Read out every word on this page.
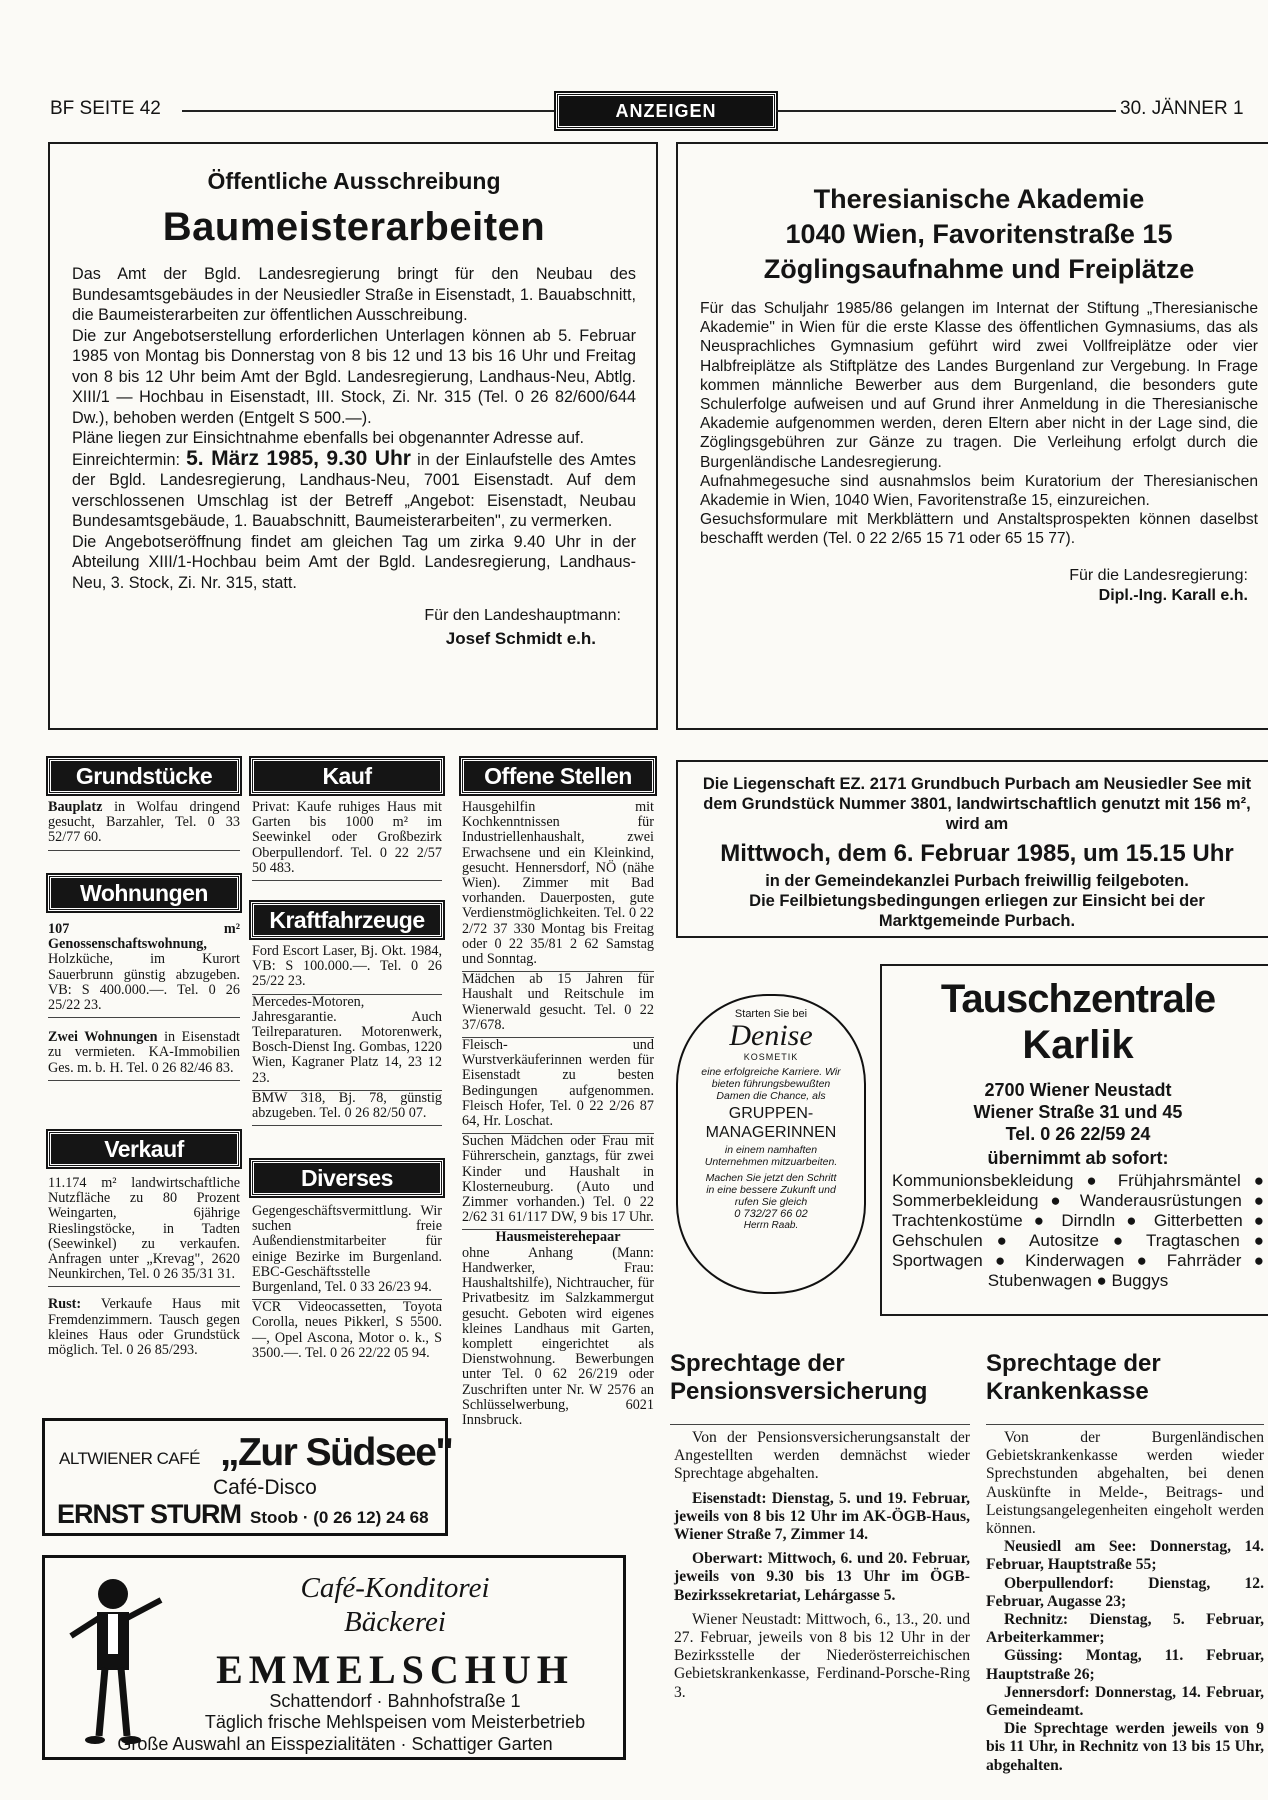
BF SEITE 42	ANZEIGEN	30. JÄNNER 1
Öffentliche Ausschreibung
Baumeisterarbeiten

Das Amt der Bgld. Landesregierung bringt für den Neubau des Bundesamtsgebäudes in der Neusiedler Straße in Eisenstadt, 1. Bauabschnitt, die Baumeisterarbeiten zur öffentlichen Ausschreibung.

Die zur Angebotserstellung erforderlichen Unterlagen können ab 5. Februar 1985 von Montag bis Donnerstag von 8 bis 12 und 13 bis 16 Uhr und Freitag von 8 bis 12 Uhr beim Amt der Bgld. Landesregierung, Landhaus-Neu, Abtlg. XIII/1 — Hochbau in Eisenstadt, III. Stock, Zi. Nr. 315 (Tel. 0 26 82/600/644 Dw.), behoben werden (Entgelt S 500.—).

Pläne liegen zur Einsichtnahme ebenfalls bei obgenannter Adresse auf.

Einreichtermin: 5. März 1985, 9.30 Uhr in der Einlaufstelle des Amtes der Bgld. Landesregierung, Landhaus-Neu, 7001 Eisenstadt. Auf dem verschlossenen Umschlag ist der Betreff „Angebot: Eisenstadt, Neubau Bundesamtsgebäude, 1. Bauabschnitt, Baumeisterarbeiten", zu vermerken.

Die Angebotseröffnung findet am gleichen Tag um zirka 9.40 Uhr in der Abteilung XIII/1-Hochbau beim Amt der Bgld. Landesregierung, Landhaus-Neu, 3. Stock, Zi. Nr. 315, statt.

Für den Landeshauptmann:
Josef Schmidt e.h.
Theresianische Akademie
1040 Wien, Favoritenstraße 15
Zöglingsaufnahme und Freiplätze

Für das Schuljahr 1985/86 gelangen im Internat der Stiftung „Theresianische Akademie" in Wien für die erste Klasse des öffentlichen Gymnasiums, das als Neusprachliches Gymnasium geführt wird zwei Vollfreiplätze oder vier Halbfreiplätze als Stiftplätze des Landes Burgenland zur Vergebung. In Frage kommen männliche Bewerber aus dem Burgenland, die besonders gute Schulerfolge aufweisen und auf Grund ihrer Anmeldung in die Theresianische Akademie aufgenommen werden, deren Eltern aber nicht in der Lage sind, die Zöglingsgebühren zur Gänze zu tragen. Die Verleihung erfolgt durch die Burgenländische Landesregierung.

Aufnahmegesuche sind ausnahmslos beim Kuratorium der Theresianischen Akademie in Wien, 1040 Wien, Favoritenstraße 15, einzureichen.

Gesuchsformulare mit Merkblättern und Anstaltsprospekten können daselbst beschafft werden (Tel. 0 22 2/65 15 71 oder 65 15 77).

Für die Landesregierung:
Dipl.-Ing. Karall e.h.
Grundstücke

Bauplatz in Wolfau dringend gesucht, Barzahler, Tel. 0 33 52/77 60.

Wohnungen

107 m² Genossenschaftswohnung, Holzküche, im Kurort Sauerbrunn günstig abzugeben. VB: S 400.000.—. Tel. 0 26 25/22 23.

Zwei Wohnungen in Eisenstadt zu vermieten. KA-Immobilien Ges. m. b. H. Tel. 0 26 82/46 83.

Verkauf

11.174 m² landwirtschaftliche Nutzfläche zu 80 Prozent Weingarten, 6jährige Rieslingstöcke, in Tadten (Seewinkel) zu verkaufen. Anfragen unter „Krevag", 2620 Neunkirchen, Tel. 0 26 35/31 31.

Rust: Verkaufe Haus mit Fremdenzimmern. Tausch gegen kleines Haus oder Grundstück möglich. Tel. 0 26 85/293.

Kauf

Privat: Kaufe ruhiges Haus mit Garten bis 1000 m² im Seewinkel oder Großbezirk Oberpullendorf. Tel. 0 22 2/57 50 483.

Kraftfahrzeuge

Ford Escort Laser, Bj. Okt. 1984, VB: S 100.000.—. Tel. 0 26 25/22 23.

Mercedes-Motoren, Jahresgarantie. Auch Teilreparaturen. Motorenwerk, Bosch-Dienst Ing. Gombas, 1220 Wien, Kagraner Platz 14, 23 12 23.

BMW 318, Bj. 78, günstig abzugeben. Tel. 0 26 82/50 07.

Diverses

Gegengeschäftsvermittlung. Wir suchen freie Außendienstmitarbeiter für einige Bezirke im Burgenland. EBC-Geschäftsstelle Burgenland, Tel. 0 33 26/23 94.

VCR Videocassetten, Toyota Corolla, neues Pikkerl, S 5500.—, Opel Ascona, Motor o. k., S 3500.—. Tel. 0 26 22/22 05 94.

Offene Stellen

Hausgehilfin mit Kochkenntnissen für Industriellenhaushalt, zwei Erwachsene und ein Kleinkind, gesucht. Hennersdorf, NÖ (nähe Wien). Zimmer mit Bad vorhanden. Dauerposten, gute Verdienstmöglichkeiten. Tel. 0 22 2/72 37 330 Montag bis Freitag oder 0 22 35/81 2 62 Samstag und Sonntag.

Mädchen ab 15 Jahren für Haushalt und Reitschule im Wienerwald gesucht. Tel. 0 22 37/678.

Fleisch- und Wurstverkäuferinnen werden für Eisenstadt zu besten Bedingungen aufgenommen. Fleisch Hofer, Tel. 0 22 2/26 87 64, Hr. Loschat.

Suchen Mädchen oder Frau mit Führerschein, ganztags, für zwei Kinder und Haushalt in Klosterneuburg. (Auto und Zimmer vorhanden.) Tel. 0 22 2/62 31 61/117 DW, 9 bis 17 Uhr.

Hausmeisterehepaar
ohne Anhang (Mann: Handwerker, Frau: Haushaltshilfe), Nichtraucher, für Privatbesitz im Salzkammergut gesucht. Geboten wird eigenes kleines Landhaus mit Garten, komplett eingerichtet als Dienstwohnung. Bewerbungen unter Tel. 0 62 26/219 oder Zuschriften unter Nr. W 2576 an Schlüsselwerbung, 6021 Innsbruck.

ALTWIENER CAFÉ „Zur Südsee"
Café-Disco
ERNST STURM Stoob · (0 26 12) 24 68
Café-Konditorei
Bäckerei
EMMELSCHUH
Schattendorf · Bahnhofstraße 1
Täglich frische Mehlspeisen vom Meisterbetrieb
Große Auswahl an Eisspezialitäten · Schattiger Garten
Die Liegenschaft EZ. 2171 Grundbuch Purbach am Neusiedler See mit dem Grundstück Nummer 3801, landwirtschaftlich genutzt mit 156 m², wird am
Mittwoch, dem 6. Februar 1985, um 15.15 Uhr
in der Gemeindekanzlei Purbach freiwillig feilgeboten.
Die Feilbietungsbedingungen erliegen zur Einsicht bei der Marktgemeinde Purbach.
Starten Sie bei
Denise
KOSMETIK
eine erfolgreiche Karriere. Wir bieten führungsbewußten Damen die Chance, als
GRUPPEN-MANAGERINNEN
in einem namhaften Unternehmen mitzuarbeiten.
Machen Sie jetzt den Schritt in eine bessere Zukunft und rufen Sie gleich
0 732/27 66 02
Herrn Raab.
Tauschzentrale
Karlik
2700 Wiener Neustadt
Wiener Straße 31 und 45
Tel. 0 26 22/59 24
übernimmt ab sofort:
Kommunionsbekleidung ● Frühjahrsmäntel ● Sommerbekleidung ● Wanderausrüstungen ● Trachtenkostüme ● Dirndln ● Gitterbetten ● Gehschulen ● Autositze ● Tragtaschen ● Sportwagen ● Kinderwagen ● Fahrräder ● Stubenwagen ● Buggys
Sprechtage der Pensionsversicherung

Von der Pensionsversicherungsanstalt der Angestellten werden demnächst wieder Sprechtage abgehalten.

Eisenstadt: Dienstag, 5. und 19. Februar, jeweils von 8 bis 12 Uhr im AK-ÖGB-Haus, Wiener Straße 7, Zimmer 14.

Oberwart: Mittwoch, 6. und 20. Februar, jeweils von 9.30 bis 13 Uhr im ÖGB-Bezirkssekretariat, Lehárgasse 5.

Wiener Neustadt: Mittwoch, 6., 13., 20. und 27. Februar, jeweils von 8 bis 12 Uhr in der Bezirksstelle der Niederösterreichischen Gebietskrankenkasse, Ferdinand-Porsche-Ring 3.

Sprechtage der Krankenkasse

Von der Burgenländischen Gebietskrankenkasse werden wieder Sprechstunden abgehalten, bei denen Auskünfte in Melde-, Beitrags- und Leistungsangelegenheiten eingeholt werden können.

Neusiedl am See: Donnerstag, 14. Februar, Hauptstraße 55;

Oberpullendorf: Dienstag, 12. Februar, Augasse 23;

Rechnitz: Dienstag, 5. Februar, Arbeiterkammer;

Güssing: Montag, 11. Februar, Hauptstraße 26;

Jennersdorf: Donnerstag, 14. Februar, Gemeindeamt.

Die Sprechtage werden jeweils von 9 bis 11 Uhr, in Rechnitz von 13 bis 15 Uhr, abgehalten.
